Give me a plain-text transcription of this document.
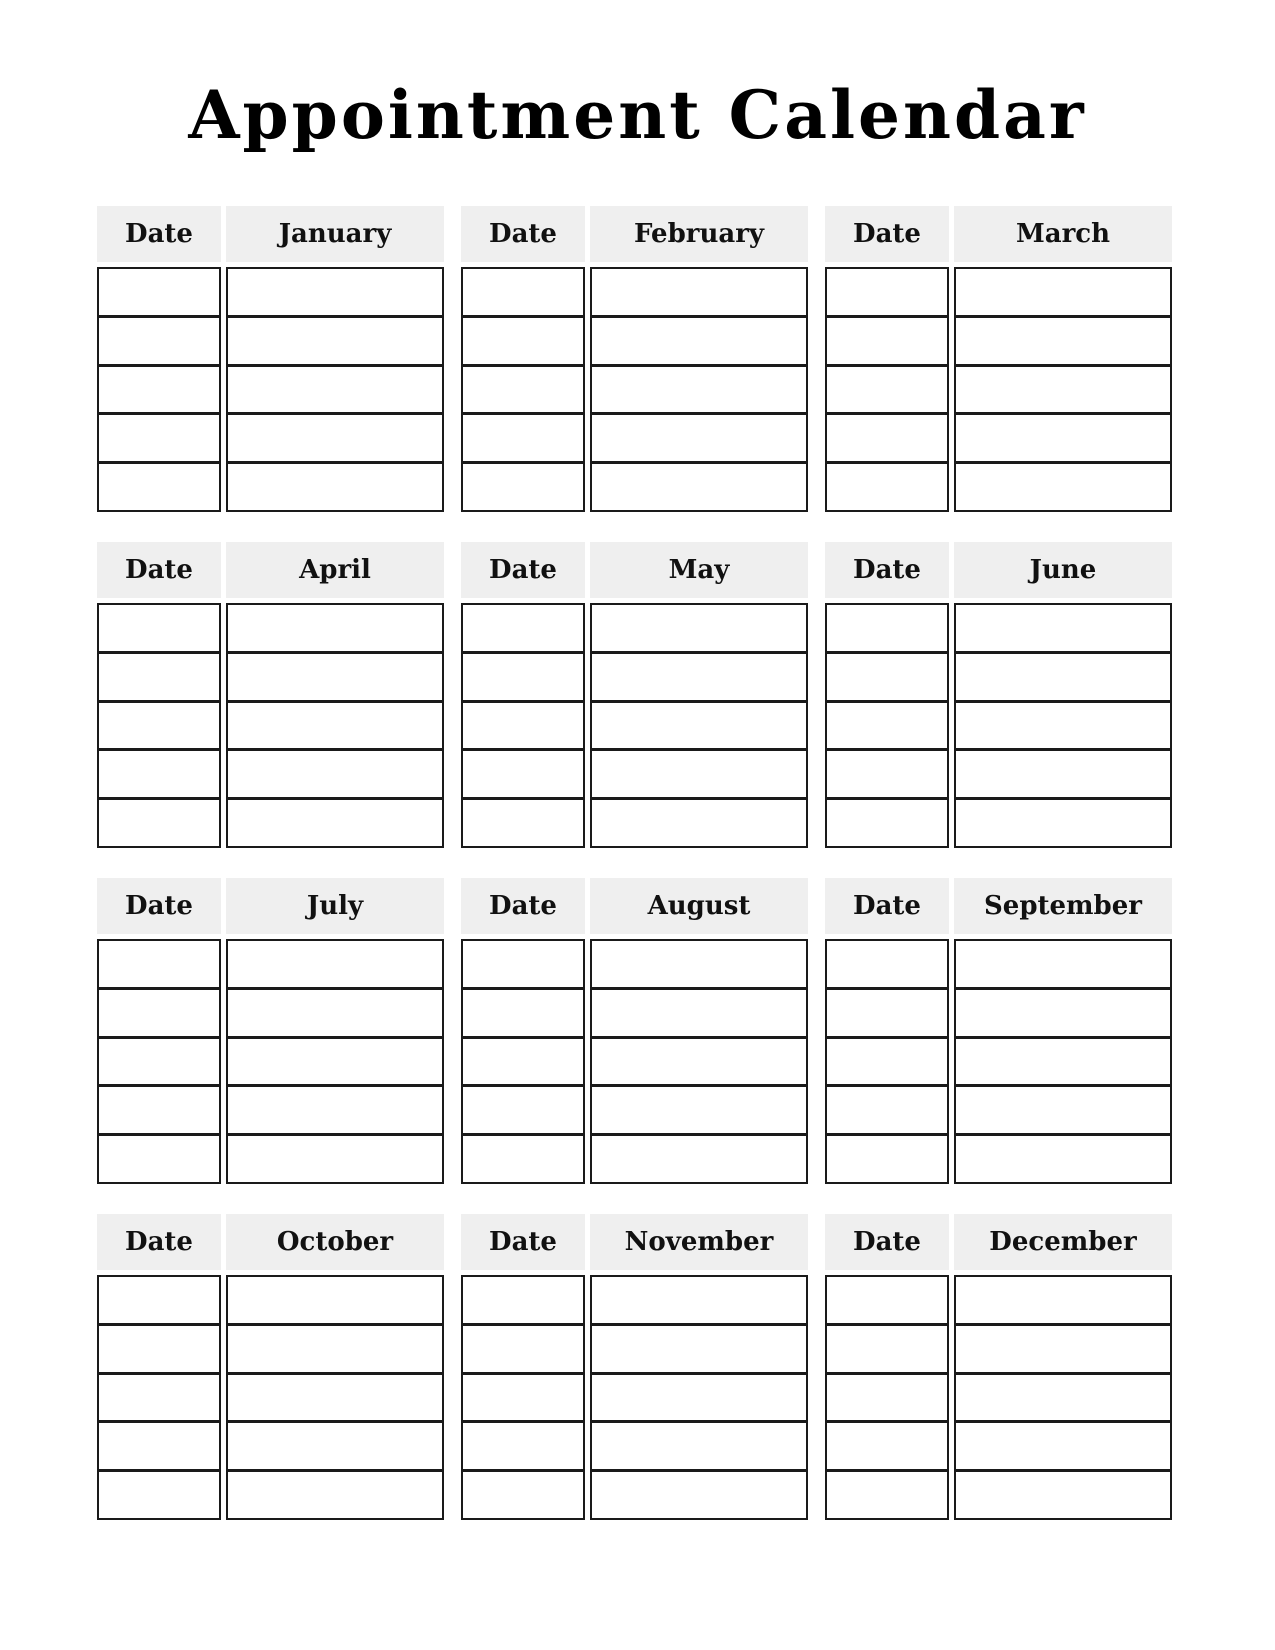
Appointment Calendar
Date	January	Date	February	Date	March
Date	April	Date	May	Date	June
Date	July	Date	August	Date	September
Date	October	Date	November	Date	December
